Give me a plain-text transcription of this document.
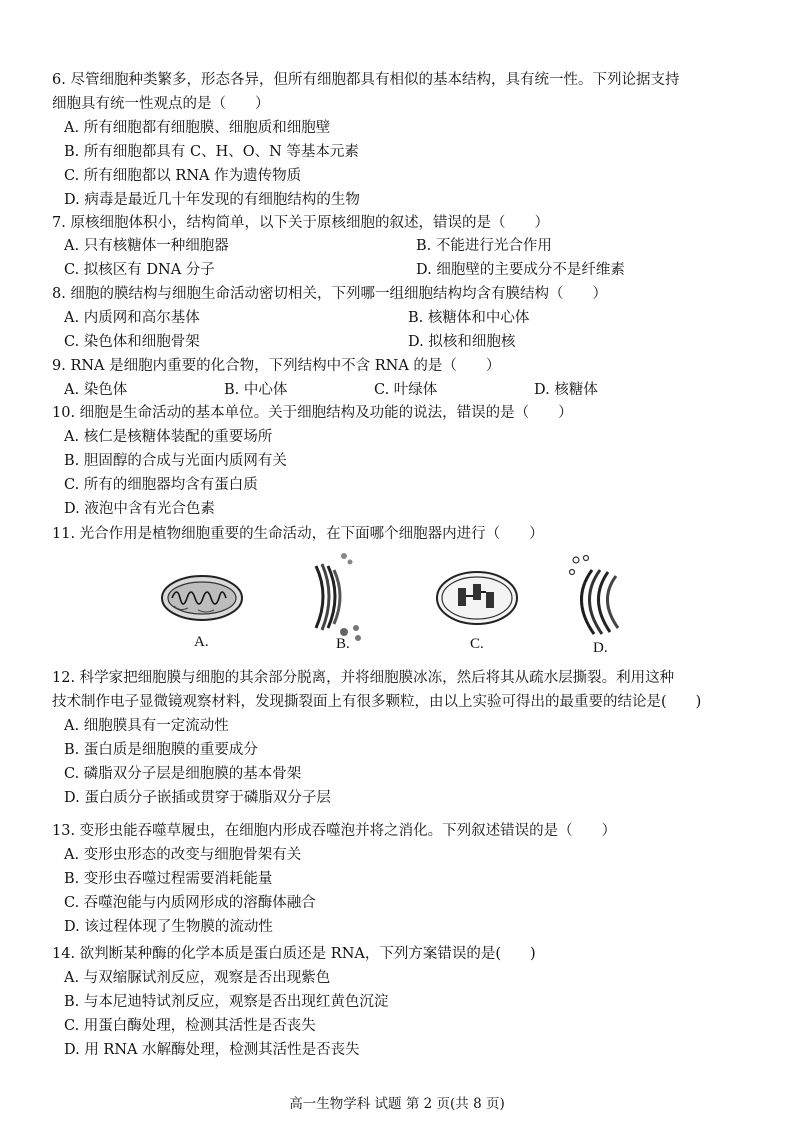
6. 尽管细胞种类繁多，形态各异，但所有细胞都具有相似的基本结构，具有统一性。下列论据支持
细胞具有统一性观点的是（　　）
A. 所有细胞都有细胞膜、细胞质和细胞壁
B. 所有细胞都具有 C、H、O、N 等基本元素
C. 所有细胞都以 RNA 作为遗传物质
D. 病毒是最近几十年发现的有细胞结构的生物
7. 原核细胞体积小，结构简单，以下关于原核细胞的叙述，错误的是（　　）
A. 只有核糖体一种细胞器	B. 不能进行光合作用
C. 拟核区有 DNA 分子	D. 细胞壁的主要成分不是纤维素
8. 细胞的膜结构与细胞生命活动密切相关，下列哪一组细胞结构均含有膜结构（　　）
A. 内质网和高尔基体	B. 核糖体和中心体
C. 染色体和细胞骨架	D. 拟核和细胞核
9. RNA 是细胞内重要的化合物，下列结构中不含 RNA 的是（　　）
A. 染色体	B. 中心体	C. 叶绿体	D. 核糖体
10. 细胞是生命活动的基本单位。关于细胞结构及功能的说法，错误的是（　　）
A. 核仁是核糖体装配的重要场所
B. 胆固醇的合成与光面内质网有关
C. 所有的细胞器均含有蛋白质
D. 液泡中含有光合色素
11. 光合作用是植物细胞重要的生命活动，在下面哪个细胞器内进行（　　）
A.	B.	C.	D.
12. 科学家把细胞膜与细胞的其余部分脱离，并将细胞膜冰冻，然后将其从疏水层撕裂。利用这种
技术制作电子显微镜观察材料，发现撕裂面上有很多颗粒，由以上实验可得出的最重要的结论是(　　)
A. 细胞膜具有一定流动性
B. 蛋白质是细胞膜的重要成分
C. 磷脂双分子层是细胞膜的基本骨架
D. 蛋白质分子嵌插或贯穿于磷脂双分子层
13. 变形虫能吞噬草履虫，在细胞内形成吞噬泡并将之消化。下列叙述错误的是（　　）
A. 变形虫形态的改变与细胞骨架有关
B. 变形虫吞噬过程需要消耗能量
C. 吞噬泡能与内质网形成的溶酶体融合
D. 该过程体现了生物膜的流动性
14. 欲判断某种酶的化学本质是蛋白质还是 RNA，下列方案错误的是(　　)
A. 与双缩脲试剂反应，观察是否出现紫色
B. 与本尼迪特试剂反应，观察是否出现红黄色沉淀
C. 用蛋白酶处理，检测其活性是否丧失
D. 用 RNA 水解酶处理，检测其活性是否丧失
高一生物学科 试题 第 2 页(共 8 页)
